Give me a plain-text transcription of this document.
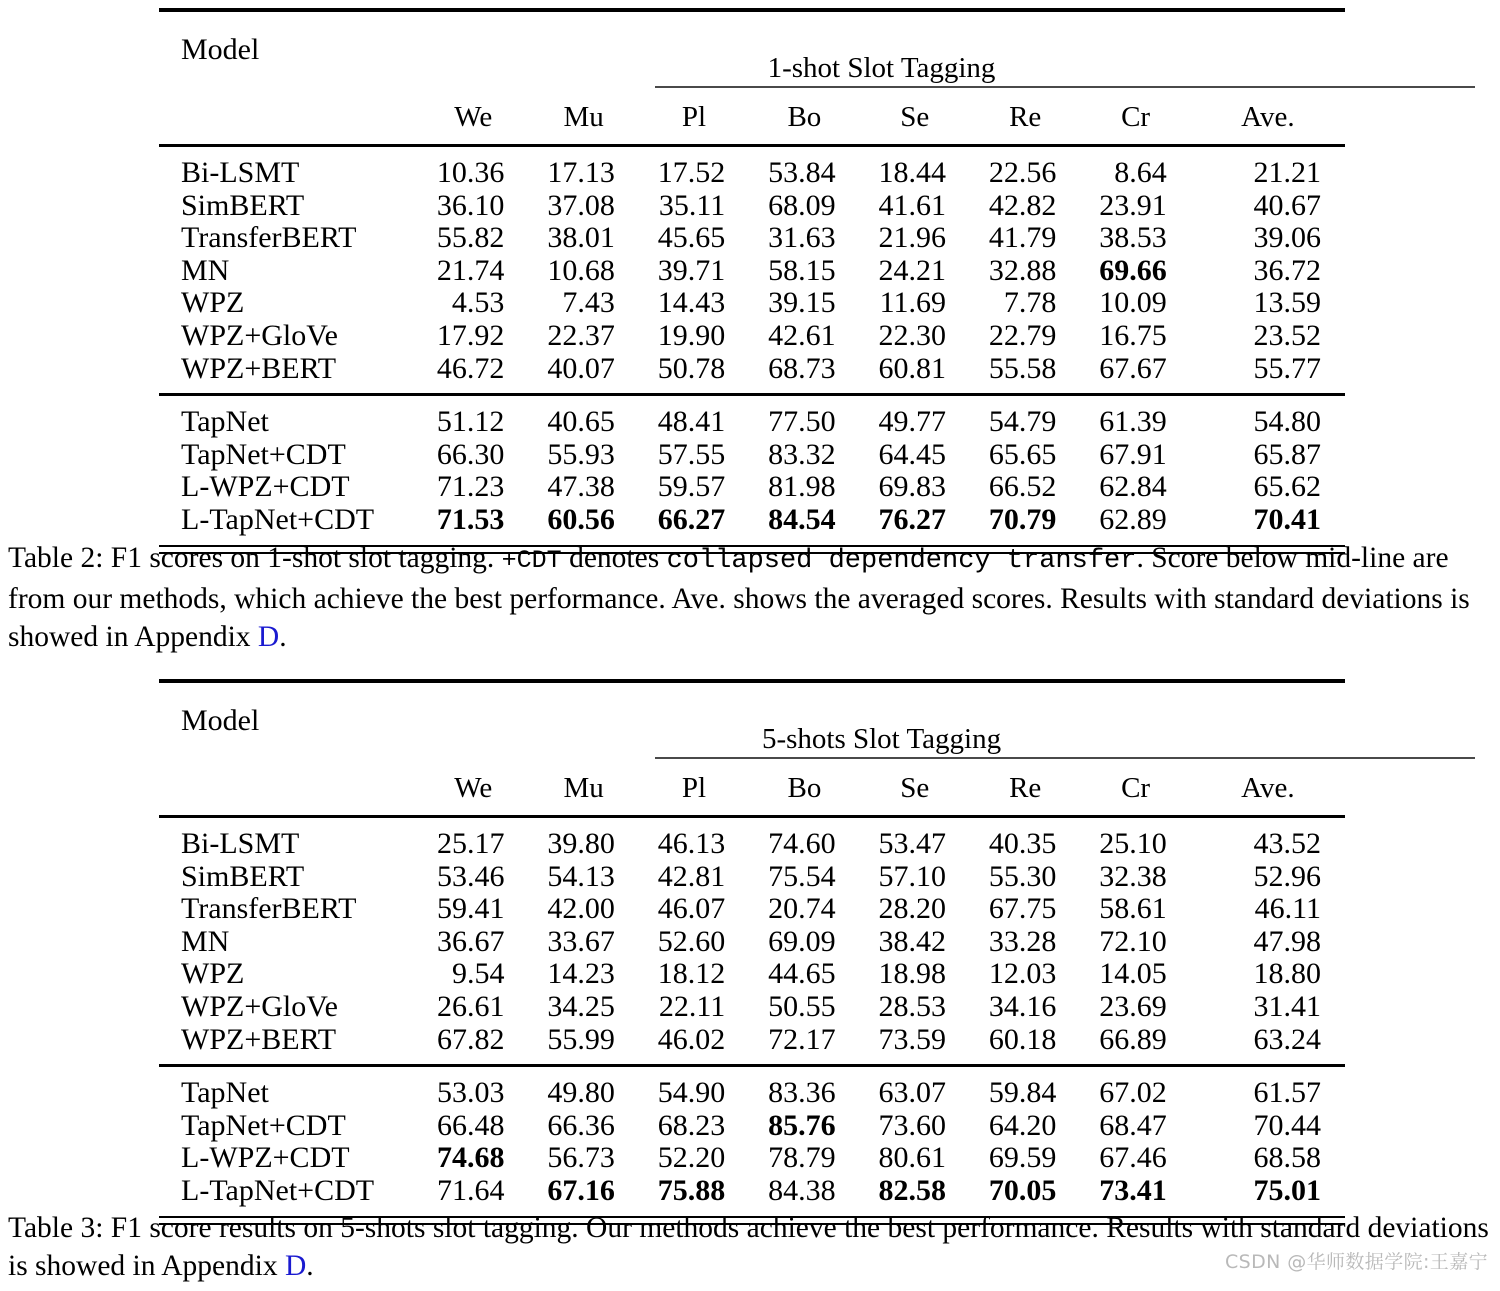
Model	1-shot Slot Tagging							

	We	Mu	Pl	Bo	Se	Re	Cr	Ave.

Bi-LSMT	10.36	17.13	17.52	53.84	18.44	22.56	8.64	21.21
SimBERT	36.10	37.08	35.11	68.09	41.61	42.82	23.91	40.67
TransferBERT	55.82	38.01	45.65	31.63	21.96	41.79	38.53	39.06
MN	21.74	10.68	39.71	58.15	24.21	32.88	69.66	36.72
WPZ	4.53	7.43	14.43	39.15	11.69	7.78	10.09	13.59
WPZ+GloVe	17.92	22.37	19.90	42.61	22.30	22.79	16.75	23.52
WPZ+BERT	46.72	40.07	50.78	68.73	60.81	55.58	67.67	55.77

TapNet	51.12	40.65	48.41	77.50	49.77	54.79	61.39	54.80
TapNet+CDT	66.30	55.93	57.55	83.32	64.45	65.65	67.91	65.87
L-WPZ+CDT	71.23	47.38	59.57	81.98	69.83	66.52	62.84	65.62
L-TapNet+CDT	71.53	60.56	66.27	84.54	76.27	70.79	62.89	70.41

Table 2: F1 scores on 1-shot slot tagging. +CDT denotes collapsed dependency transfer. Score below mid-line are from our methods, which achieve the best performance. Ave. shows the averaged scores. Results with standard deviations is showed in Appendix D.
Model	5-shots Slot Tagging							

	We	Mu	Pl	Bo	Se	Re	Cr	Ave.

Bi-LSMT	25.17	39.80	46.13	74.60	53.47	40.35	25.10	43.52
SimBERT	53.46	54.13	42.81	75.54	57.10	55.30	32.38	52.96
TransferBERT	59.41	42.00	46.07	20.74	28.20	67.75	58.61	46.11
MN	36.67	33.67	52.60	69.09	38.42	33.28	72.10	47.98
WPZ	9.54	14.23	18.12	44.65	18.98	12.03	14.05	18.80
WPZ+GloVe	26.61	34.25	22.11	50.55	28.53	34.16	23.69	31.41
WPZ+BERT	67.82	55.99	46.02	72.17	73.59	60.18	66.89	63.24

TapNet	53.03	49.80	54.90	83.36	63.07	59.84	67.02	61.57
TapNet+CDT	66.48	66.36	68.23	85.76	73.60	64.20	68.47	70.44
L-WPZ+CDT	74.68	56.73	52.20	78.79	80.61	69.59	67.46	68.58
L-TapNet+CDT	71.64	67.16	75.88	84.38	82.58	70.05	73.41	75.01

Table 3: F1 score results on 5-shots slot tagging. Our methods achieve the best performance. Results with standard deviations is showed in Appendix D.	CSDN @华师数据学院:王嘉宁
